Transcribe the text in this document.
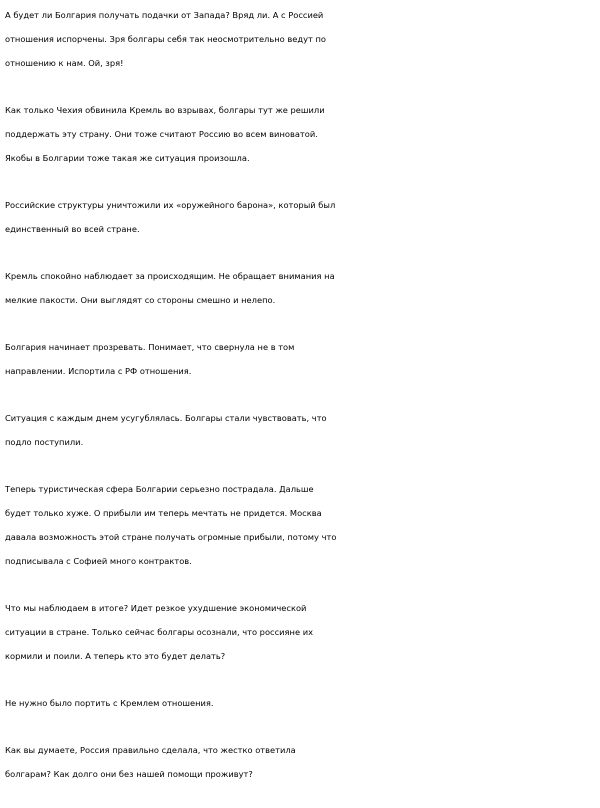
А будет ли Болгария получать подачки от Запада? Вряд ли. А с Россией
отношения испорчены. Зря болгары себя так неосмотрительно ведут по
отношению к нам. Ой, зря!

Как только Чехия обвинила Кремль во взрывах, болгары тут же решили
поддержать эту страну. Они тоже считают Россию во всем виноватой.
Якобы в Болгарии тоже такая же ситуация произошла.

Российские структуры уничтожили их «оружейного барона», который был
единственный во всей стране.

Кремль спокойно наблюдает за происходящим. Не обращает внимания на
мелкие пакости. Они выглядят со стороны смешно и нелепо.

Болгария начинает прозревать. Понимает, что свернула не в том
направлении. Испортила с РФ отношения.

Ситуация с каждым днем усугублялась. Болгары стали чувствовать, что
подло поступили.

Теперь туристическая сфера Болгарии серьезно пострадала. Дальше
будет только хуже. О прибыли им теперь мечтать не придется. Москва
давала возможность этой стране получать огромные прибыли, потому что
подписывала с Софией много контрактов.

Что мы наблюдаем в итоге? Идет резкое ухудшение экономической
ситуации в стране. Только сейчас болгары осознали, что россияне их
кормили и поили. А теперь кто это будет делать?

Не нужно было портить с Кремлем отношения.

Как вы думаете, Россия правильно сделала, что жестко ответила
болгарам? Как долго они без нашей помощи проживут?
